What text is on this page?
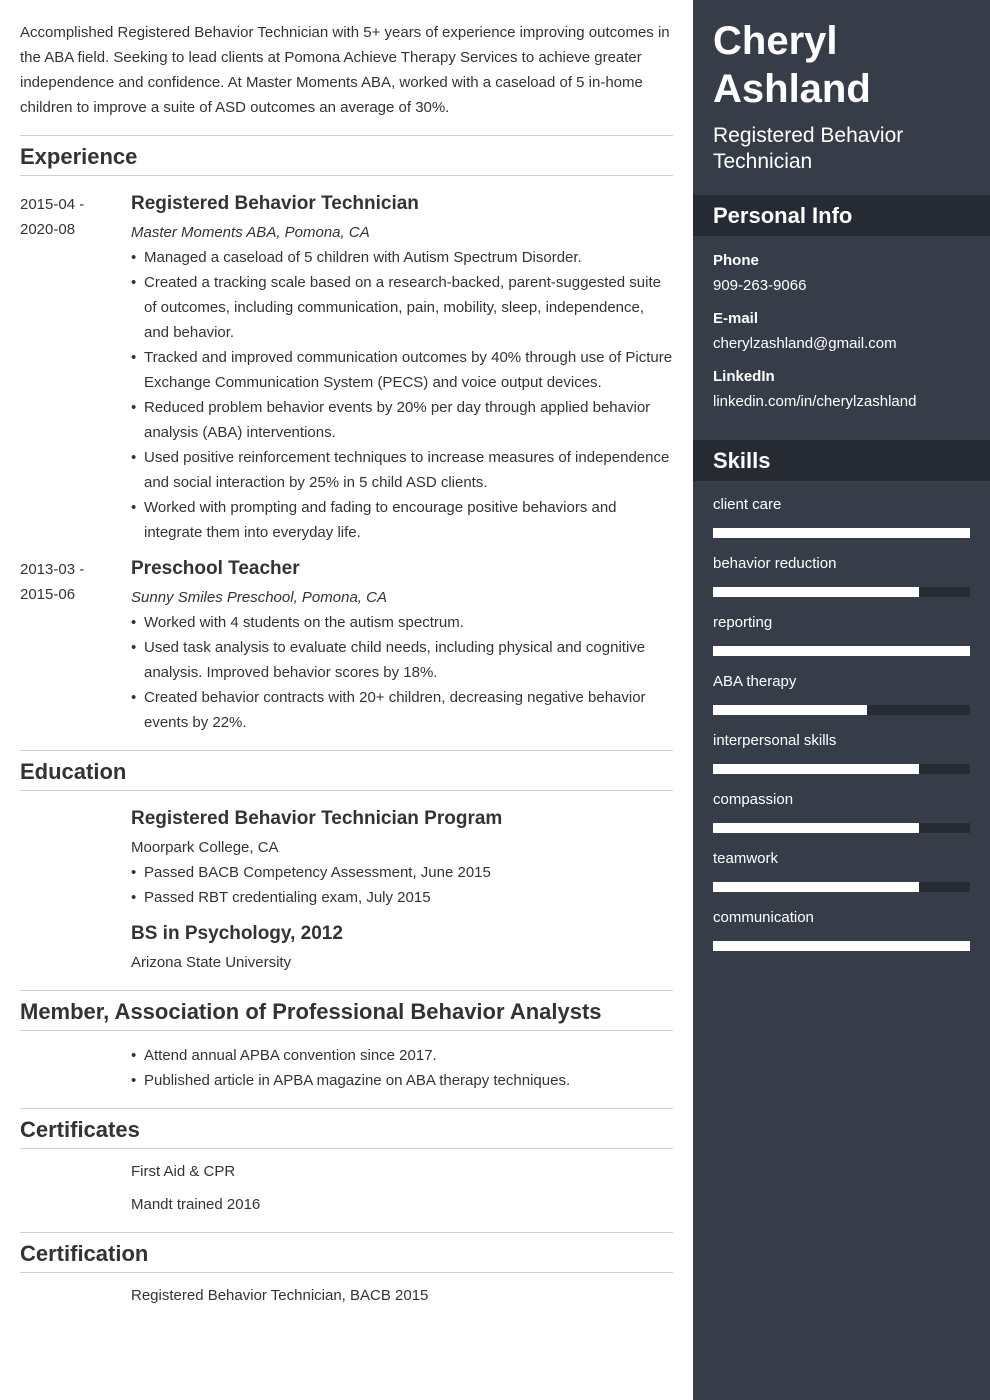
Accomplished Registered Behavior Technician with 5+ years of experience improving outcomes in the ABA field. Seeking to lead clients at Pomona Achieve Therapy Services to achieve greater independence and confidence. At Master Moments ABA, worked with a caseload of 5 in-home children to improve a suite of ASD outcomes an average of 30%.

Experience
2015-04 -
2020-08
Registered Behavior Technician
Master Moments ABA, Pomona, CA
• Managed a caseload of 5 children with Autism Spectrum Disorder.
• Created a tracking scale based on a research-backed, parent-suggested suite of outcomes, including communication, pain, mobility, sleep, independence, and behavior.
• Tracked and improved communication outcomes by 40% through use of Picture Exchange Communication System (PECS) and voice output devices.
• Reduced problem behavior events by 20% per day through applied behavior analysis (ABA) interventions.
• Used positive reinforcement techniques to increase measures of independence and social interaction by 25% in 5 child ASD clients.
• Worked with prompting and fading to encourage positive behaviors and integrate them into everyday life.
2013-03 -
2015-06
Preschool Teacher
Sunny Smiles Preschool, Pomona, CA
• Worked with 4 students on the autism spectrum.
• Used task analysis to evaluate child needs, including physical and cognitive analysis. Improved behavior scores by 18%.
• Created behavior contracts with 20+ children, decreasing negative behavior events by 22%.
Education
Registered Behavior Technician Program
Moorpark College, CA
• Passed BACB Competency Assessment, June 2015
• Passed RBT credentialing exam, July 2015
BS in Psychology, 2012
Arizona State University
Member, Association of Professional Behavior Analysts
• Attend annual APBA convention since 2017.
• Published article in APBA magazine on ABA therapy techniques.
Certificates
First Aid & CPR
Mandt trained 2016
Certification
Registered Behavior Technician, BACB 2015
Cheryl
Ashland
Registered Behavior Technician
Personal Info
Phone
909-263-9066
E-mail
cherylzashland@gmail.com
LinkedIn
linkedin.com/in/cherylzashland
Skills
client care
behavior reduction
reporting
ABA therapy
interpersonal skills
compassion
teamwork
communication
